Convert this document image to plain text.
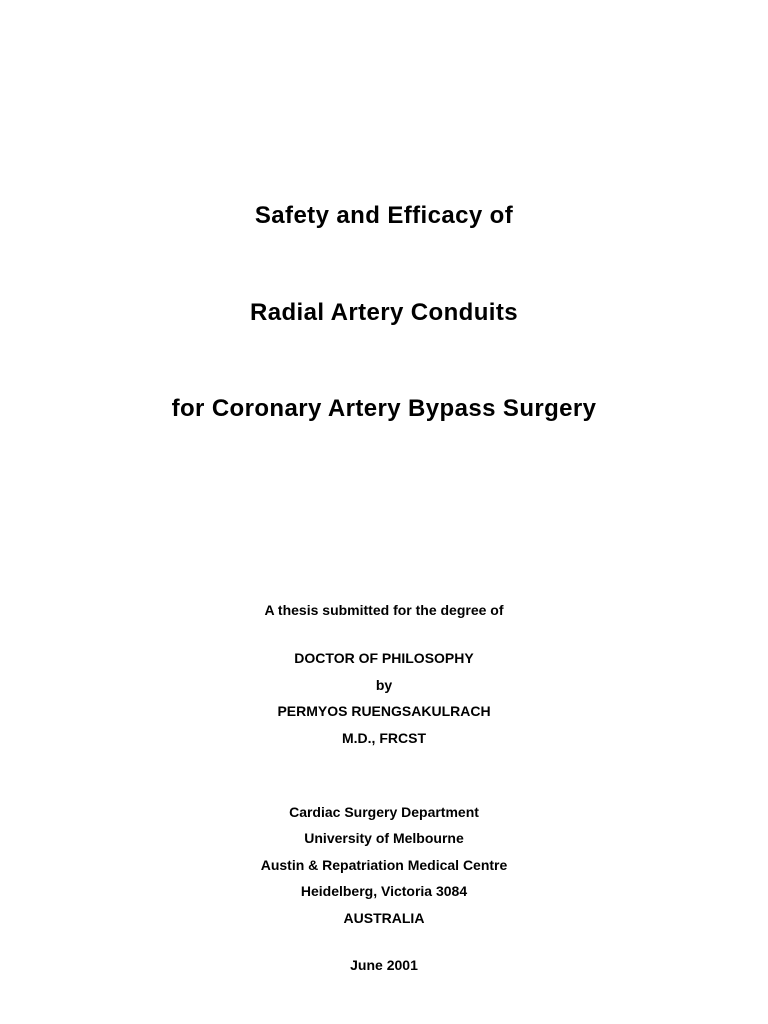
Safety and Efficacy of
Radial Artery Conduits
for Coronary Artery Bypass Surgery
A thesis submitted for the degree of
DOCTOR OF PHILOSOPHY
by
PERMYOS RUENGSAKULRACH
M.D., FRCST
Cardiac Surgery Department
University of Melbourne
Austin & Repatriation Medical Centre
Heidelberg, Victoria 3084
AUSTRALIA
June 2001
